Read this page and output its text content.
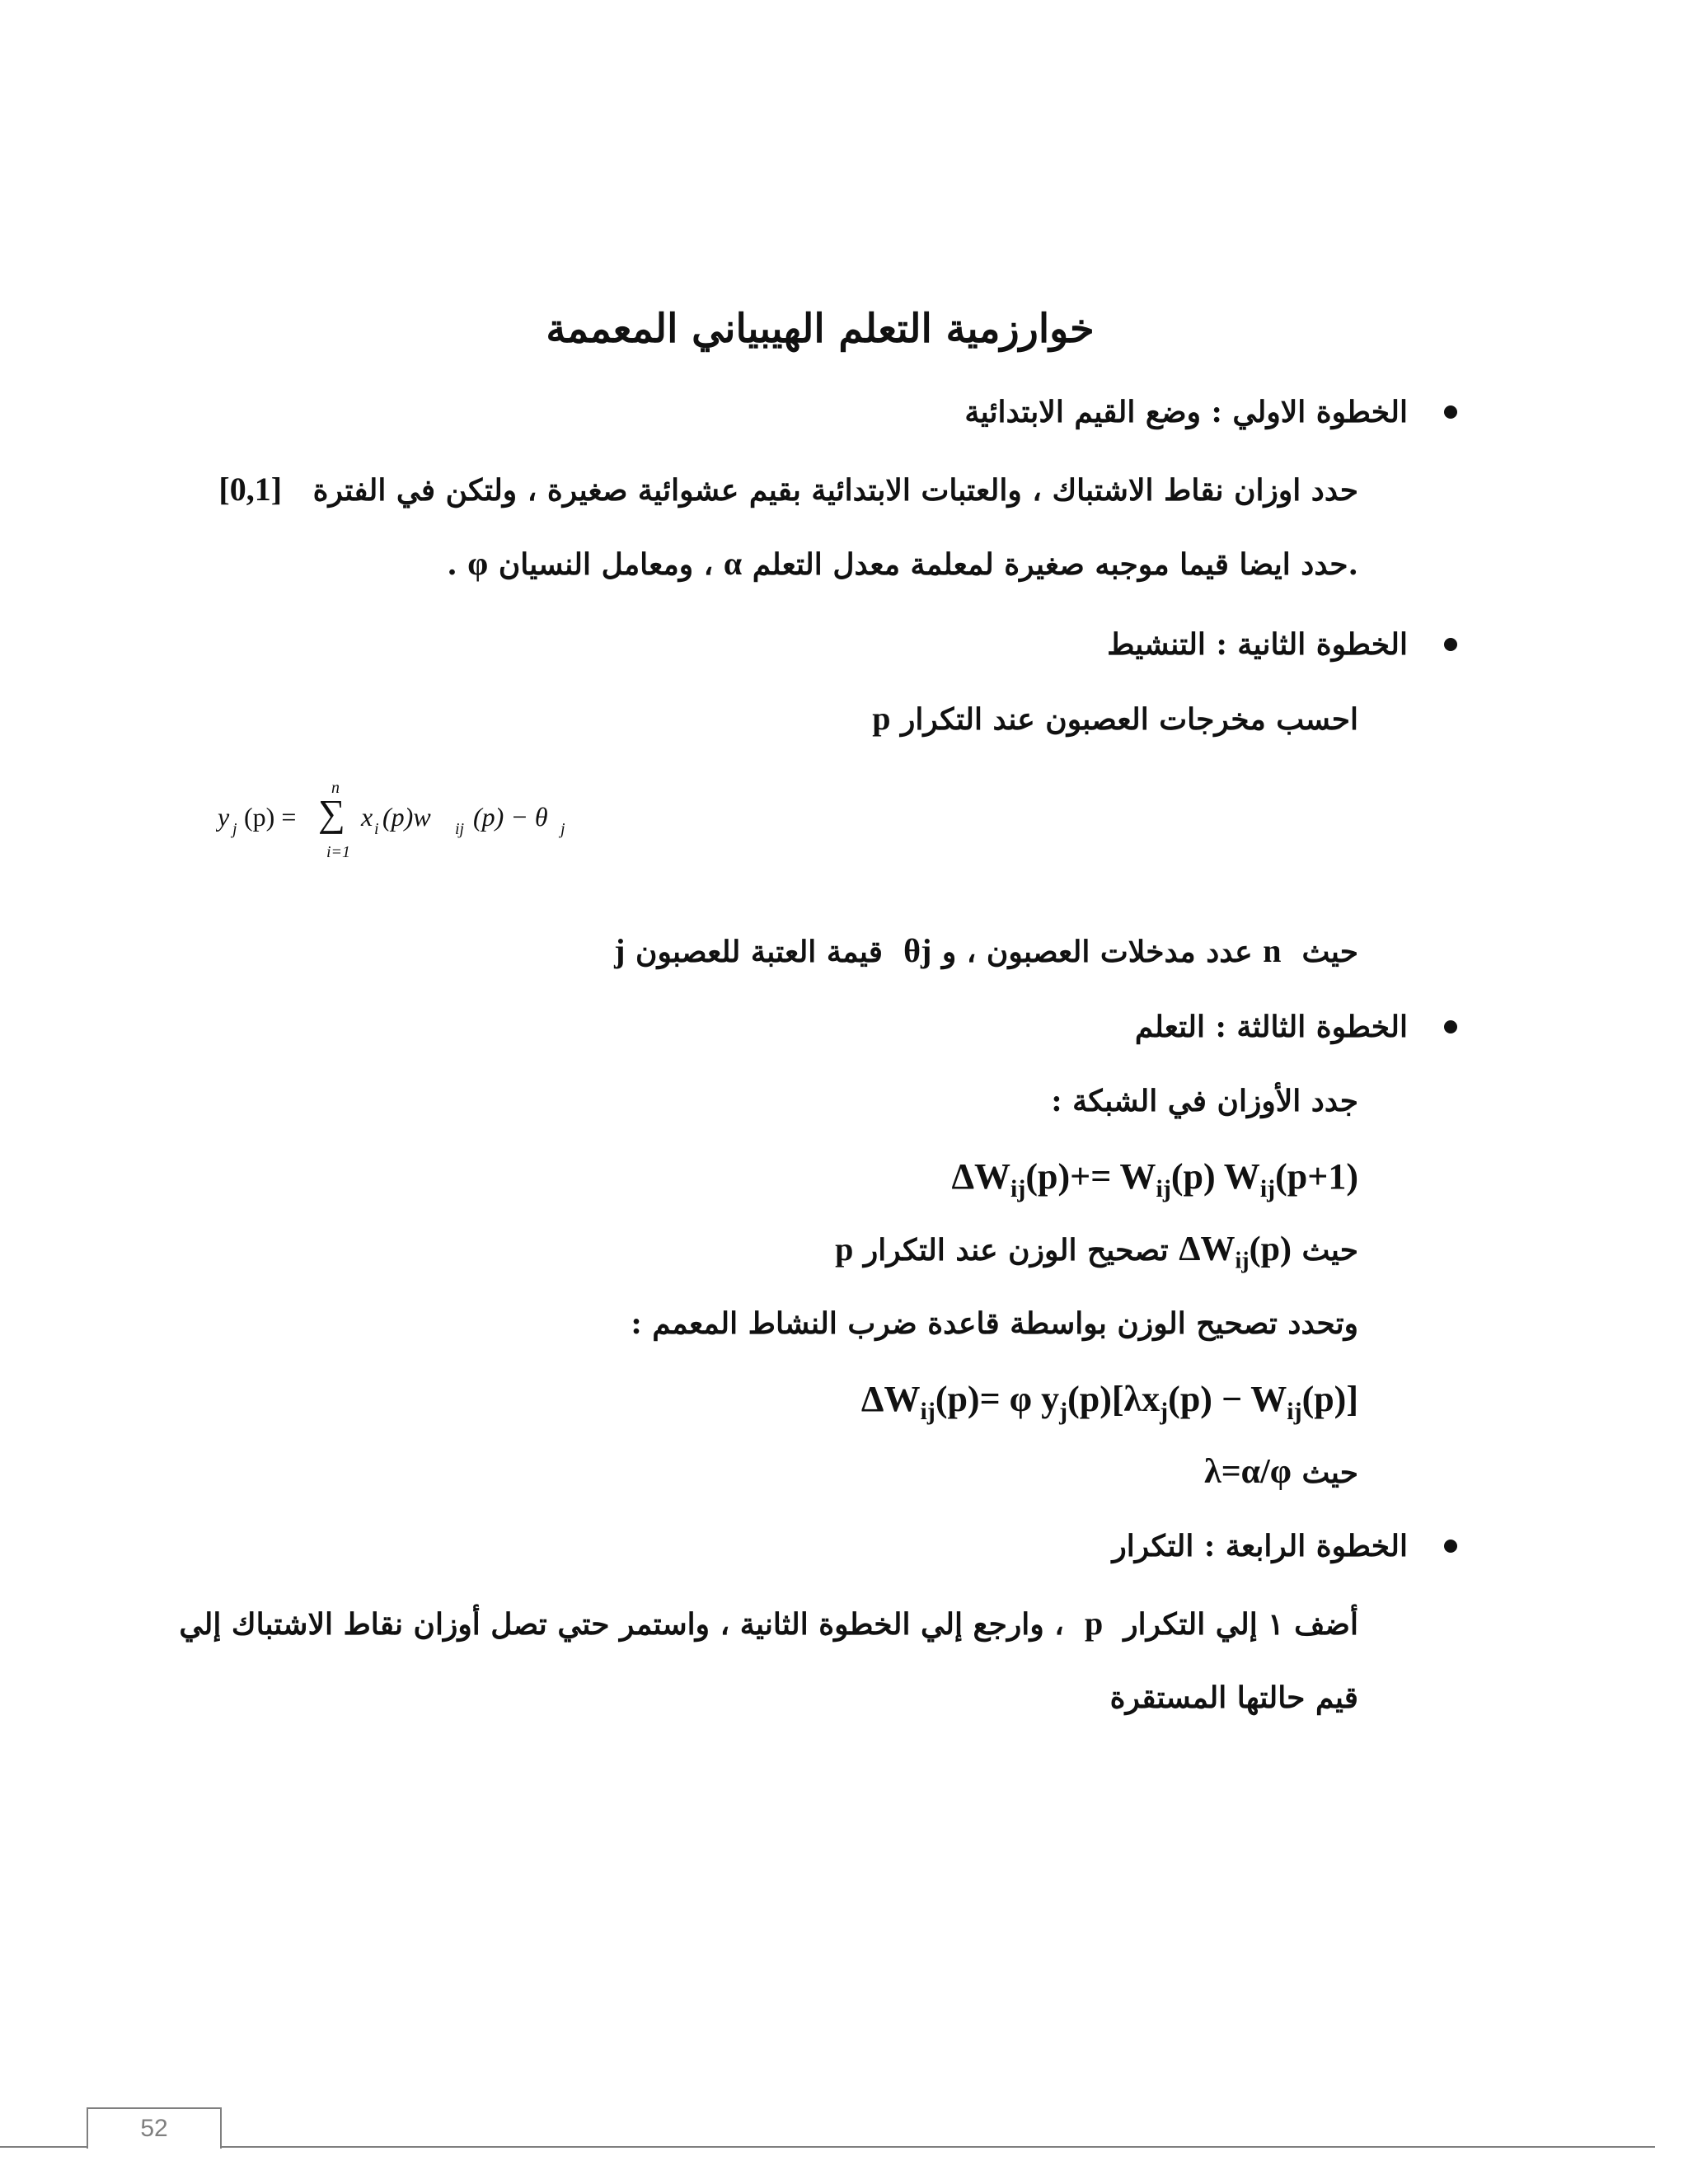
خوارزمية التعلم الهيبياني المعممة
الخطوة الاولي : وضع القيم الابتدائية
حدد اوزان نقاط الاشتباك ، والعتبات الابتدائية بقيم عشوائية صغيرة ، ولتكن في الفترة   [0,1]
.حدد ايضا قيما موجبه صغيرة لمعلمة معدل التعلم α ، ومعامل النسيان φ .
الخطوة الثانية : التنشيط
احسب مخرجات العصبون عند التكرار p
y j (p) =
n
∑
i=1
x i (p)w ij (p) − θ j
حيث  n عدد مدخلات العصبون ، و θj  قيمة العتبة للعصبون j
الخطوة الثالثة : التعلم
جدد الأوزان في الشبكة :
$\Delta W_{ij}(p)+= W_{ij}(p)$ $W_{ij}(p+1)$
حيث $\Delta W_{ij}(p)$ تصحيح الوزن عند التكرار p
وتحدد تصحيح الوزن بواسطة قاعدة ضرب النشاط المعمم :
$\Delta W_{ij}(p)= \varphi$ $y_j(p)[\lambda x_j(p) - W_{ij}(p)]$
حيث λ=α/φ
الخطوة الرابعة : التكرار
أضف ١ إلي التكرار  p  ، وارجع إلي الخطوة الثانية ، واستمر حتي تصل أوزان نقاط الاشتباك إلي
قيم حالتها المستقرة
52
